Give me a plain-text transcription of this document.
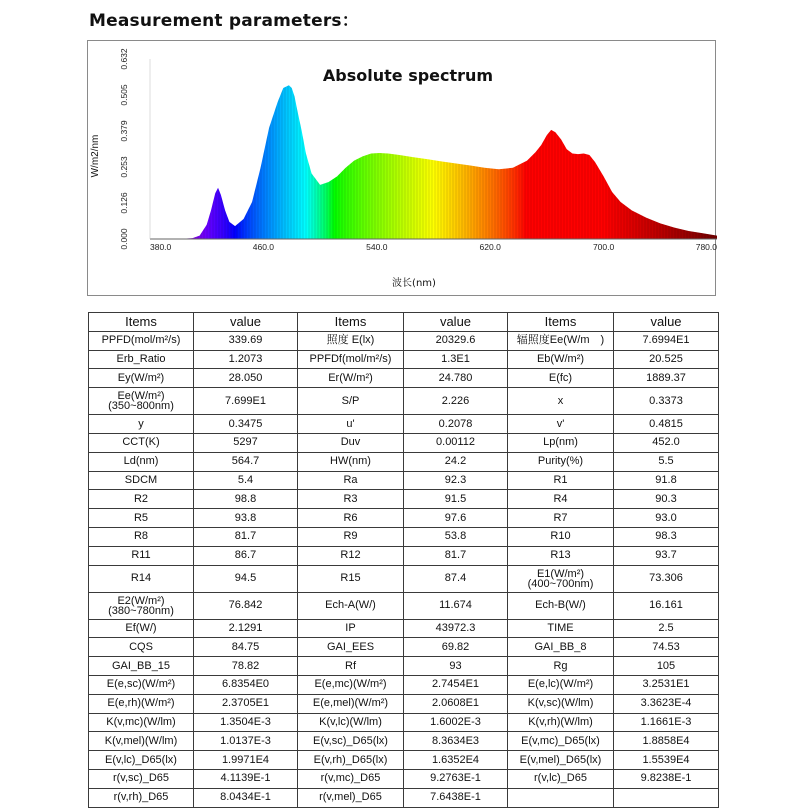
Measurement parameters：
380.0	460.0	540.0	620.0	700.0	780.0
0.000
0.126
0.253
0.379
0.505
0.632
Absolute spectrum
W/m2/nm
波长(nm)
Items	value	Items	value	Items	value
PPFD(mol/m²/s)	339.69	照度 E(lx)	20329.6	辐照度Ee(W/m　)	7.6994E1
Erb_Ratio	1.2073	PPFDf(mol/m²/s)	1.3E1	Eb(W/m²)	20.525
Ey(W/m²)	28.050	Er(W/m²)	24.780	E(fc)	1889.37
Ee(W/m²)(350~800nm)	7.699E1	S/P	2.226	x	0.3373
y	0.3475	u'	0.2078	v'	0.4815
CCT(K)	5297	Duv	0.00112	Lp(nm)	452.0
Ld(nm)	564.7	HW(nm)	24.2	Purity(%)	5.5
SDCM	5.4	Ra	92.3	R1	91.8
R2	98.8	R3	91.5	R4	90.3
R5	93.8	R6	97.6	R7	93.0
R8	81.7	R9	53.8	R10	98.3
R11	86.7	R12	81.7	R13	93.7
R14	94.5	R15	87.4	E1(W/m²)(400~700nm)	73.306
E2(W/m²)(380~780nm)	76.842	Ech-A(W/)	11.674	Ech-B(W/)	16.161
Ef(W/)	2.1291	IP	43972.3	TIME	2.5
CQS	84.75	GAI_EES	69.82	GAI_BB_8	74.53
GAI_BB_15	78.82	Rf	93	Rg	105
E(e,sc)(W/m²)	6.8354E0	E(e,mc)(W/m²)	2.7454E1	E(e,lc)(W/m²)	3.2531E1
E(e,rh)(W/m²)	2.3705E1	E(e,mel)(W/m²)	2.0608E1	K(v,sc)(W/lm)	3.3623E-4
K(v,mc)(W/lm)	1.3504E-3	K(v,lc)(W/lm)	1.6002E-3	K(v,rh)(W/lm)	1.1661E-3
K(v,mel)(W/lm)	1.0137E-3	E(v,sc)_D65(lx)	8.3634E3	E(v,mc)_D65(lx)	1.8858E4
E(v,lc)_D65(lx)	1.9971E4	E(v,rh)_D65(lx)	1.6352E4	E(v,mel)_D65(lx)	1.5539E4
r(v,sc)_D65	4.1139E-1	r(v,mc)_D65	9.2763E-1	r(v,lc)_D65	9.8238E-1
r(v,rh)_D65	8.0434E-1	r(v,mel)_D65	7.6438E-1		
